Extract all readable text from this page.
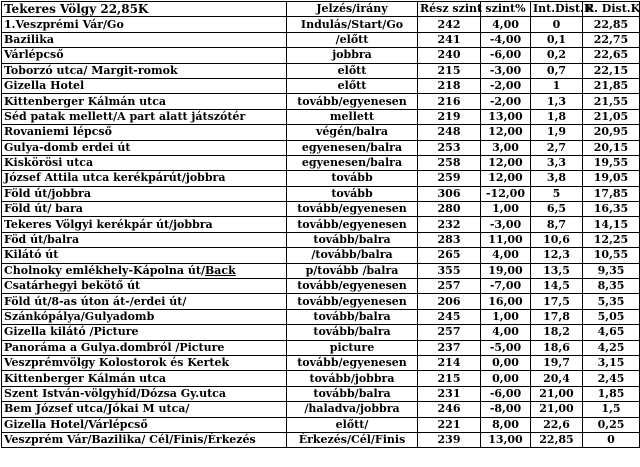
Tekeres Völgy 22,85K	Jelzés/irány	Rész szint	szint%	Int.Dist.K	R. Dist.K
1.Veszprémi Vár/Go	Indulás/Start/Go	242	4,00	0	22,85
Bazilika	/előtt	241	-4,00	0,1	22,75
Várlépcső	jobbra	240	-6,00	0,2	22,65
Toborzó utca/ Margit-romok	előtt	215	-3,00	0,7	22,15
Gizella Hotel	előtt	218	-2,00	1	21,85
Kittenberger Kálmán utca	tovább/egyenesen	216	-2,00	1,3	21,55
Séd patak mellett/A part alatt játszótér	mellett	219	13,00	1,8	21,05
Rovaniemi lépcső	végén/balra	248	12,00	1,9	20,95
Gulya-domb erdei út	egyenesen/balra	253	3,00	2,7	20,15
Kiskörösi utca	egyenesen/balra	258	12,00	3,3	19,55
József Attila utca kerékpárút/jobbra	tovább	259	12,00	3,8	19,05
Föld út/jobbra	tovább	306	-12,00	5	17,85
Föld út/ bara	tovább/egyenesen	280	1,00	6,5	16,35
Tekeres Völgyi kerékpár út/jobbra	tovább/egyenesen	232	-3,00	8,7	14,15
Föd út/balra	tovább/balra	283	11,00	10,6	12,25
Kilátó út	/tovább/balra	265	4,00	12,3	10,55
Cholnoky emlékhely-Kápolna út/Back	p/tovább /balra	355	19,00	13,5	9,35
Csatárhegyi bekötő út	tovább/egyenesen	257	-7,00	14,5	8,35
Föld út/8-as úton át-/erdei út/	tovább/egyenesen	206	16,00	17,5	5,35
Szánkópálya/Gulyadomb	tovább/balra	245	1,00	17,8	5,05
Gizella kilátó /Picture	tovább/balra	257	4,00	18,2	4,65
Panoráma a Gulya.dombról /Picture	picture	237	-5,00	18,6	4,25
Veszprémvölgy Kolostorok és Kertek	tovább/egyenesen	214	0,00	19,7	3,15
Kittenberger Kálmán utca	tovább/jobbra	215	0,00	20,4	2,45
Szent István-völgyhíd/Dózsa Gy.utca	tovább/balra	231	-6,00	21,00	1,85
Bem József utca/Jókai M utca/	/haladva/jobbra	246	-8,00	21,00	1,5
Gizella Hotel/Várlépcső	előtt/	221	8,00	22,6	0,25
Veszprém Vár/Bazilika/ Cél/Finis/Érkezés	Érkezés/Cél/Finis	239	13,00	22,85	0
